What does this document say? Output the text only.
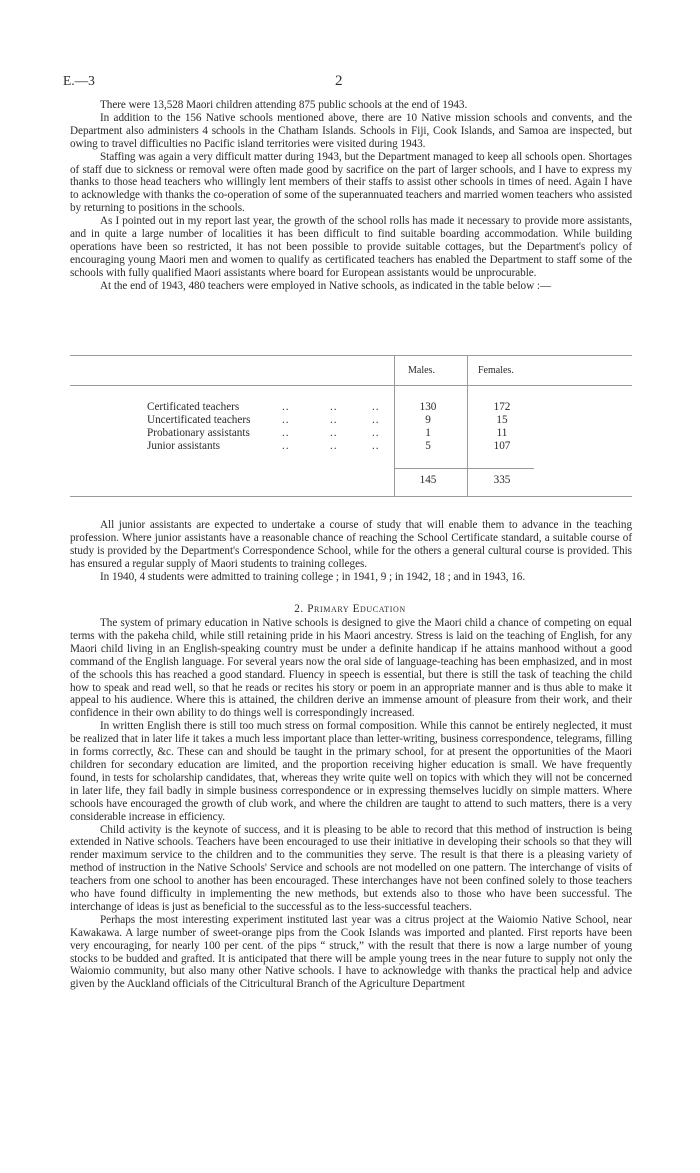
E.—3	2

There were 13,528 Maori children attending 875 public schools at the end of 1943.

In addition to the 156 Native schools mentioned above, there are 10 Native mission schools and convents, and the Department also administers 4 schools in the Chatham Islands. Schools in Fiji, Cook Islands, and Samoa are inspected, but owing to travel difficulties no Pacific island territories were visited during 1943.

Staffing was again a very difficult matter during 1943, but the Department managed to keep all schools open. Shortages of staff due to sickness or removal were often made good by sacrifice on the part of larger schools, and I have to express my thanks to those head teachers who willingly lent members of their staffs to assist other schools in times of need. Again I have to acknowledge with thanks the co-operation of some of the superannuated teachers and married women teachers who assisted by returning to positions in the schools.

As I pointed out in my report last year, the growth of the school rolls has made it necessary to provide more assistants, and in quite a large number of localities it has been difficult to find suitable boarding accommodation. While building operations have been so restricted, it has not been possible to provide suitable cottages, but the Department's policy of encouraging young Maori men and women to qualify as certificated teachers has enabled the Department to staff some of the schools with fully qualified Maori assistants where board for European assistants would be unprocurable.

At the end of 1943, 480 teachers were employed in Native schools, as indicated in the table below :—

Males.	Females.
Certificated teachers	..	..	..	130	172
Uncertificated teachers	..	..	..	9	15
Probationary assistants	..	..	..	1	11
Junior assistants	..	..	..	5	107
145	335

All junior assistants are expected to undertake a course of study that will enable them to advance in the teaching profession. Where junior assistants have a reasonable chance of reaching the School Certificate standard, a suitable course of study is provided by the Department's Correspondence School, while for the others a general cultural course is provided. This has ensured a regular supply of Maori students to training colleges.

In 1940, 4 students were admitted to training college ; in 1941, 9 ; in 1942, 18 ; and in 1943, 16.

2. Primary Education

The system of primary education in Native schools is designed to give the Maori child a chance of competing on equal terms with the pakeha child, while still retaining pride in his Maori ancestry. Stress is laid on the teaching of English, for any Maori child living in an English-speaking country must be under a definite handicap if he attains manhood without a good command of the English language. For several years now the oral side of language-teaching has been emphasized, and in most of the schools this has reached a good standard. Fluency in speech is essential, but there is still the task of teaching the child how to speak and read well, so that he reads or recites his story or poem in an appropriate manner and is thus able to make it appeal to his audience. Where this is attained, the children derive an immense amount of pleasure from their work, and their confidence in their own ability to do things well is correspondingly increased.

In written English there is still too much stress on formal composition. While this cannot be entirely neglected, it must be realized that in later life it takes a much less important place than letter-writing, business correspondence, telegrams, filling in forms correctly, &c. These can and should be taught in the primary school, for at present the opportunities of the Maori children for secondary education are limited, and the proportion receiving higher education is small. We have frequently found, in tests for scholarship candidates, that, whereas they write quite well on topics with which they will not be concerned in later life, they fail badly in simple business correspondence or in expressing themselves lucidly on simple matters. Where schools have encouraged the growth of club work, and where the children are taught to attend to such matters, there is a very considerable increase in efficiency.

Child activity is the keynote of success, and it is pleasing to be able to record that this method of instruction is being extended in Native schools. Teachers have been encouraged to use their initiative in developing their schools so that they will render maximum service to the children and to the communities they serve. The result is that there is a pleasing variety of method of instruction in the Native Schools' Service and schools are not modelled on one pattern. The interchange of visits of teachers from one school to another has been encouraged. These interchanges have not been confined solely to those teachers who have found difficulty in implementing the new methods, but extends also to those who have been successful. The interchange of ideas is just as beneficial to the successful as to the less-successful teachers.

Perhaps the most interesting experiment instituted last year was a citrus project at the Waiomio Native School, near Kawakawa. A large number of sweet-orange pips from the Cook Islands was imported and planted. First reports have been very encouraging, for nearly 100 per cent. of the pips “ struck,” with the result that there is now a large number of young stocks to be budded and grafted. It is anticipated that there will be ample young trees in the near future to supply not only the Waiomio community, but also many other Native schools. I have to acknowledge with thanks the practical help and advice given by the Auckland officials of the Citricultural Branch of the Agriculture Department
